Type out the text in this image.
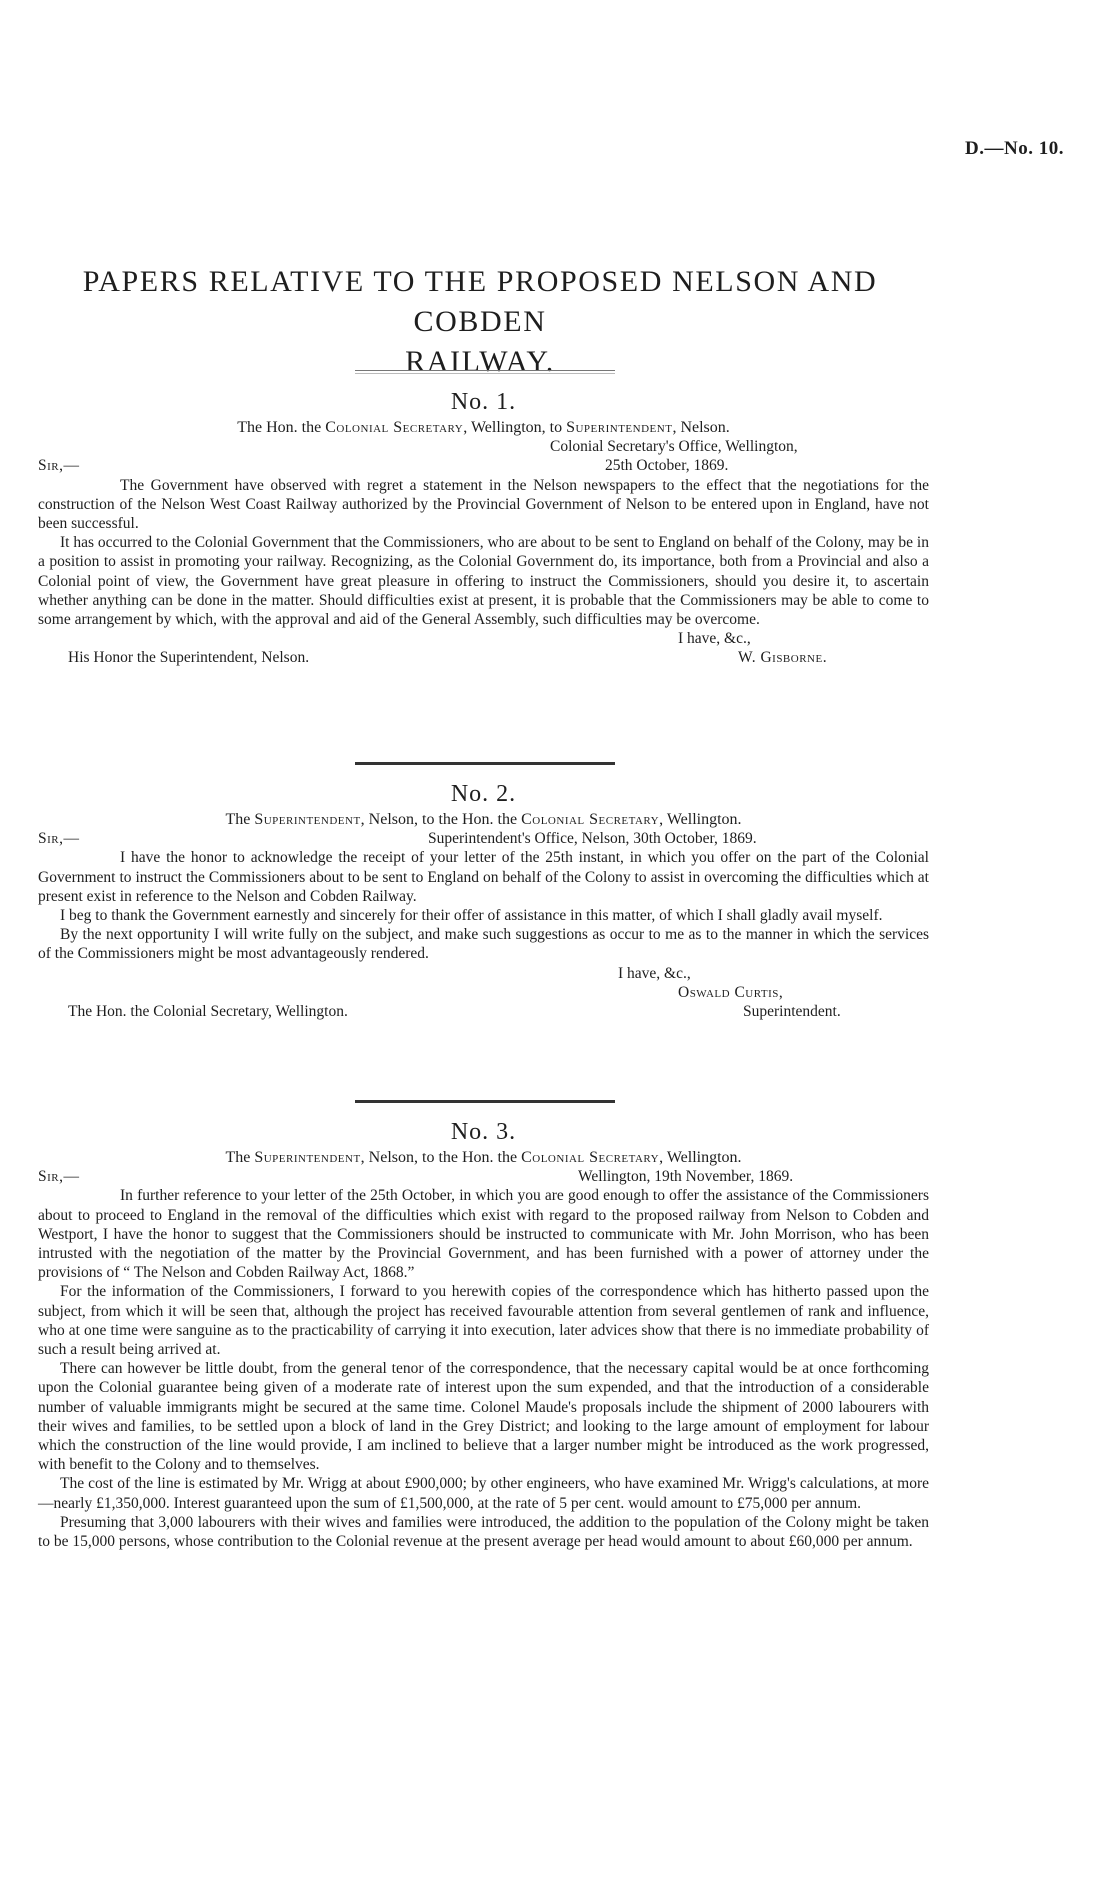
D.—No. 10.
PAPERS RELATIVE TO THE PROPOSED NELSON AND COBDEN
RAILWAY.
No. 1.

The Hon. the Colonial Secretary, Wellington, to Superintendent, Nelson.

Colonial Secretary's Office, Wellington,
Sir,—	25th October, 1869.

The Government have observed with regret a statement in the Nelson newspapers to the effect that the negotiations for the construction of the Nelson West Coast Railway authorized by the Provincial Government of Nelson to be entered upon in England, have not been successful.

It has occurred to the Colonial Government that the Commissioners, who are about to be sent to England on behalf of the Colony, may be in a position to assist in promoting your railway. Recognizing, as the Colonial Government do, its importance, both from a Provincial and also a Colonial point of view, the Government have great pleasure in offering to instruct the Commissioners, should you desire it, to ascertain whether anything can be done in the matter. Should difficulties exist at present, it is probable that the Commissioners may be able to come to some arrangement by which, with the approval and aid of the General Assembly, such difficulties may be overcome.

I have, &c.,
His Honor the Superintendent, Nelson.	W. Gisborne.
No. 2.

The Superintendent, Nelson, to the Hon. the Colonial Secretary, Wellington.

Sir,—	Superintendent's Office, Nelson, 30th October, 1869.

I have the honor to acknowledge the receipt of your letter of the 25th instant, in which you offer on the part of the Colonial Government to instruct the Commissioners about to be sent to England on behalf of the Colony to assist in overcoming the difficulties which at present exist in reference to the Nelson and Cobden Railway.

I beg to thank the Government earnestly and sincerely for their offer of assistance in this matter, of which I shall gladly avail myself.

By the next opportunity I will write fully on the subject, and make such suggestions as occur to me as to the manner in which the services of the Commissioners might be most advantageously rendered.

I have, &c.,
Oswald Curtis,
The Hon. the Colonial Secretary, Wellington.	Superintendent.
No. 3.

The Superintendent, Nelson, to the Hon. the Colonial Secretary, Wellington.

Sir,—	Wellington, 19th November, 1869.

In further reference to your letter of the 25th October, in which you are good enough to offer the assistance of the Commissioners about to proceed to England in the removal of the difficulties which exist with regard to the proposed railway from Nelson to Cobden and Westport, I have the honor to suggest that the Commissioners should be instructed to communicate with Mr. John Morrison, who has been intrusted with the negotiation of the matter by the Provincial Government, and has been furnished with a power of attorney under the provisions of “ The Nelson and Cobden Railway Act, 1868.”

For the information of the Commissioners, I forward to you herewith copies of the correspondence which has hitherto passed upon the subject, from which it will be seen that, although the project has received favourable attention from several gentlemen of rank and influence, who at one time were sanguine as to the practicability of carrying it into execution, later advices show that there is no immediate probability of such a result being arrived at.

There can however be little doubt, from the general tenor of the correspondence, that the necessary capital would be at once forthcoming upon the Colonial guarantee being given of a moderate rate of interest upon the sum expended, and that the introduction of a considerable number of valuable immigrants might be secured at the same time. Colonel Maude's proposals include the shipment of 2000 labourers with their wives and families, to be settled upon a block of land in the Grey District; and looking to the large amount of employment for labour which the construction of the line would provide, I am inclined to believe that a larger number might be introduced as the work progressed, with benefit to the Colony and to themselves.

The cost of the line is estimated by Mr. Wrigg at about £900,000; by other engineers, who have examined Mr. Wrigg's calculations, at more—nearly £1,350,000. Interest guaranteed upon the sum of £1,500,000, at the rate of 5 per cent. would amount to £75,000 per annum.

Presuming that 3,000 labourers with their wives and families were introduced, the addition to the population of the Colony might be taken to be 15,000 persons, whose contribution to the Colonial revenue at the present average per head would amount to about £60,000 per annum.
